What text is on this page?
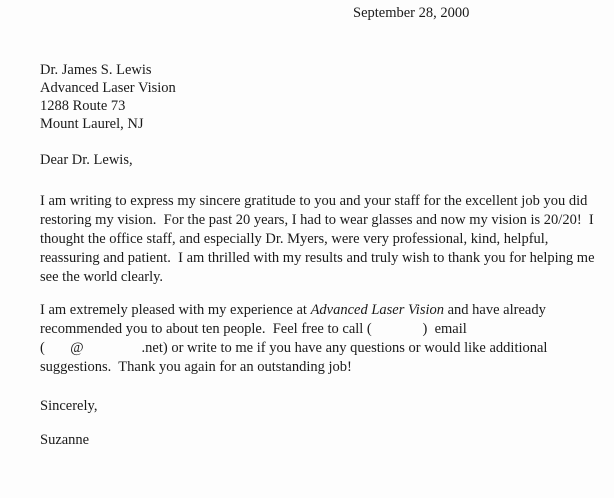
September 28, 2000
Dr. James S. Lewis
Advanced Laser Vision
1288 Route 73
Mount Laurel, NJ
Dear Dr. Lewis,
I am writing to express my sincere gratitude to you and your staff for the excellent job you did
restoring my vision.  For the past 20 years, I had to wear glasses and now my vision is 20/20!  I
thought the office staff, and especially Dr. Myers, were very professional, kind, helpful,
reassuring and patient.  I am thrilled with my results and truly wish to thank you for helping me
see the world clearly.
I am extremely pleased with my experience at Advanced Laser Vision and have already
recommended you to about ten people.  Feel free to call (              )  email
(       @                .net) or write to me if you have any questions or would like additional
suggestions.  Thank you again for an outstanding job!
Sincerely,
Suzanne
